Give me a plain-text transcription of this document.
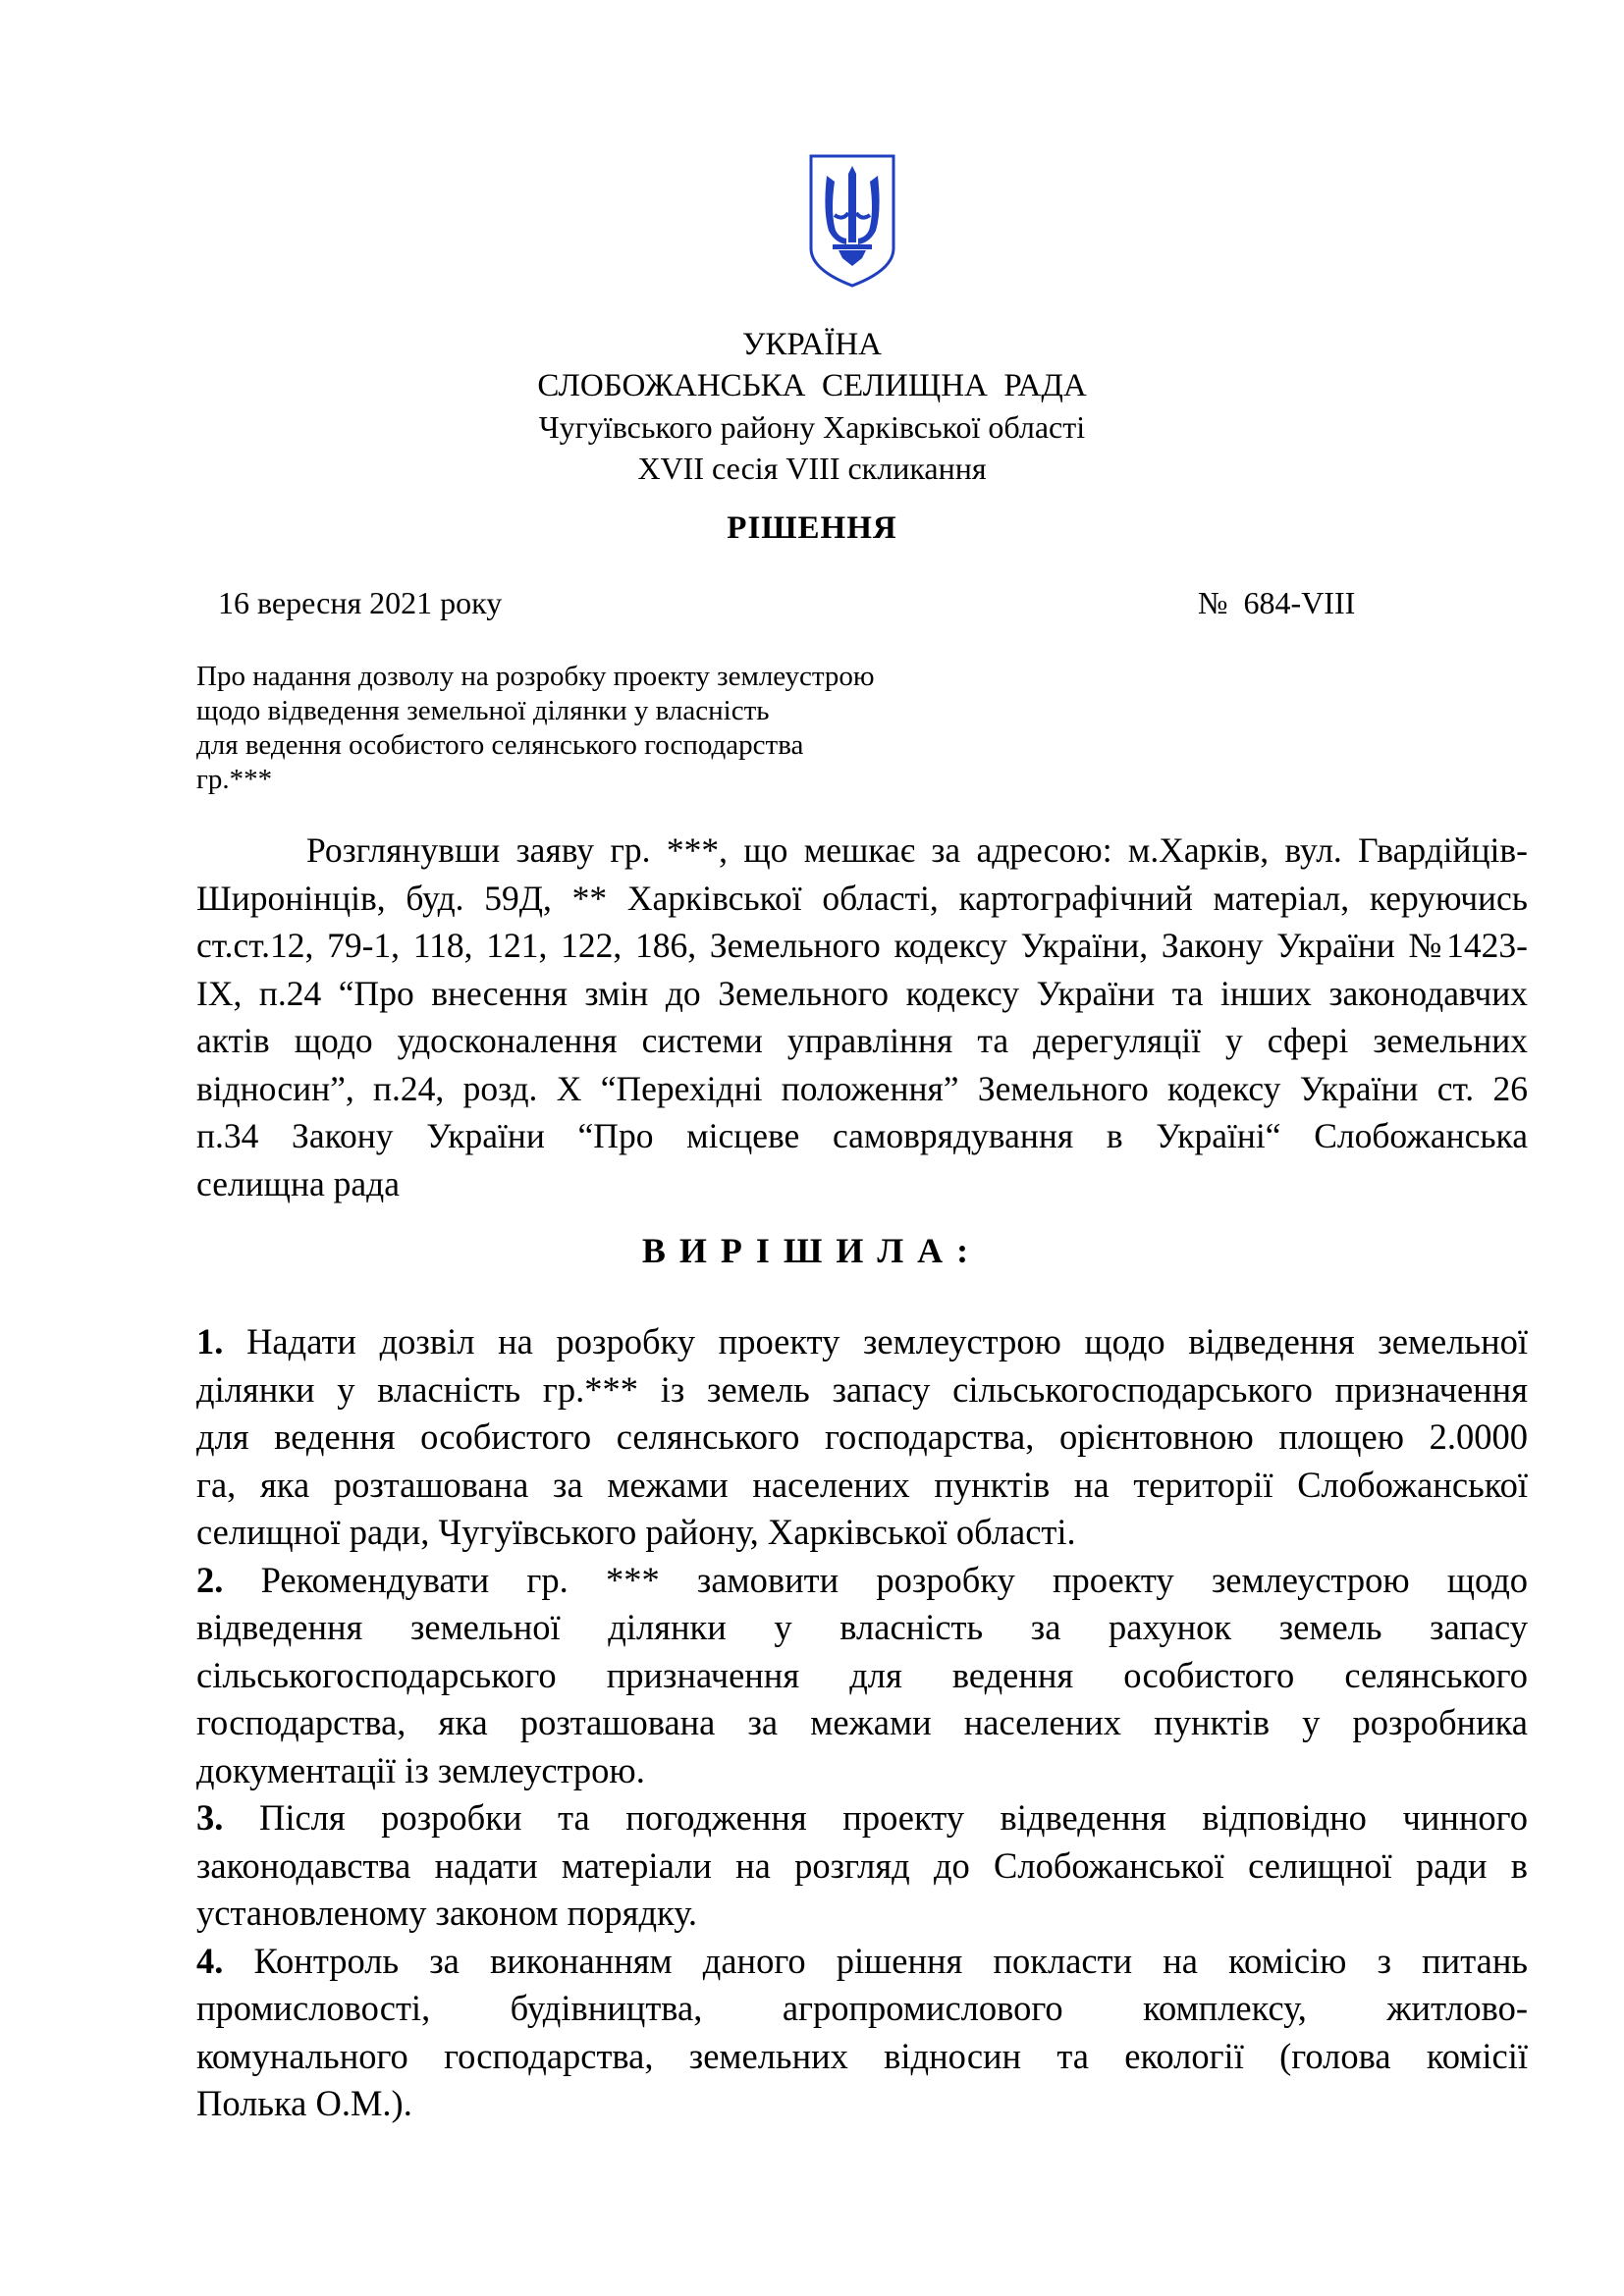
УКРАЇНА
СЛОБОЖАНСЬКА  СЕЛИЩНА  РАДА
Чугуївського району Харківської області
XVII сесія VIII скликання
РІШЕННЯ
16 вересня 2021 року	№  684-VIII
Про надання дозволу на розробку проекту землеустрою
щодо відведення земельної ділянки у власність
для ведення особистого селянського господарства
гр.***
Розглянувши заяву гр. ***, що мешкає за адресою: м.Харків, вул. Гвардійців-
Широнінців, буд. 59Д, ** Харківської області, картографічний матеріал, керуючись
ст.ст.12, 79-1, 118, 121, 122, 186, Земельного кодексу України, Закону України №1423-
IX, п.24 “Про внесення змін до Земельного кодексу України та інших законодавчих
актів щодо удосконалення системи управління та дерегуляції у сфері земельних
відносин”, п.24, розд. X “Перехідні положення” Земельного кодексу України ст. 26
п.34 Закону України “Про місцеве самоврядування в Україні“ Слобожанська
селищна рада
ВИРІШИЛА:
1. Надати дозвіл на розробку проекту землеустрою щодо відведення земельної
ділянки у власність гр.*** із земель запасу сільськогосподарського призначення
для ведення особистого селянського господарства, орієнтовною площею 2.0000
га, яка розташована за межами населених пунктів на території Слобожанської
селищної ради, Чугуївського району, Харківської області.
2. Рекомендувати гр. *** замовити розробку проекту землеустрою щодо
відведення земельної ділянки у власність за рахунок земель запасу
сільськогосподарського призначення для ведення особистого селянського
господарства, яка розташована за межами населених пунктів у розробника
документації із землеустрою.
3. Після розробки та погодження проекту відведення відповідно чинного
законодавства надати матеріали на розгляд до Слобожанської селищної ради в
установленому законом порядку.
4. Контроль за виконанням даного рішення покласти на комісію з питань
промисловості, будівництва, агропромислового комплексу, житлово-
комунального господарства, земельних відносин та екології (голова комісії
Полька О.М.).
